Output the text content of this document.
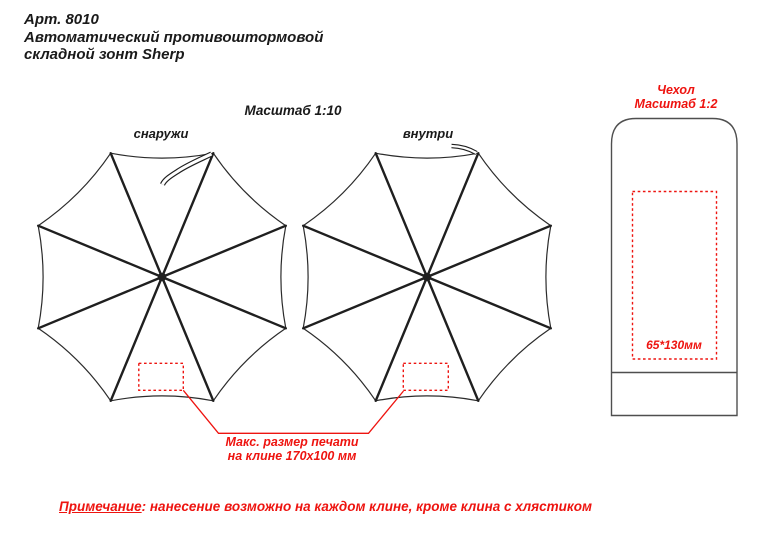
Арт. 8010
Автоматический противоштормовой
складной зонт Sherp
Масштаб 1:10
снаружи	внутри
Чехол
Масштаб 1:2
Макс. размер печати
на клине 170x100 мм
65*130мм
Примечание: нанесение возможно на каждом клине, кроме клина с хлястиком
